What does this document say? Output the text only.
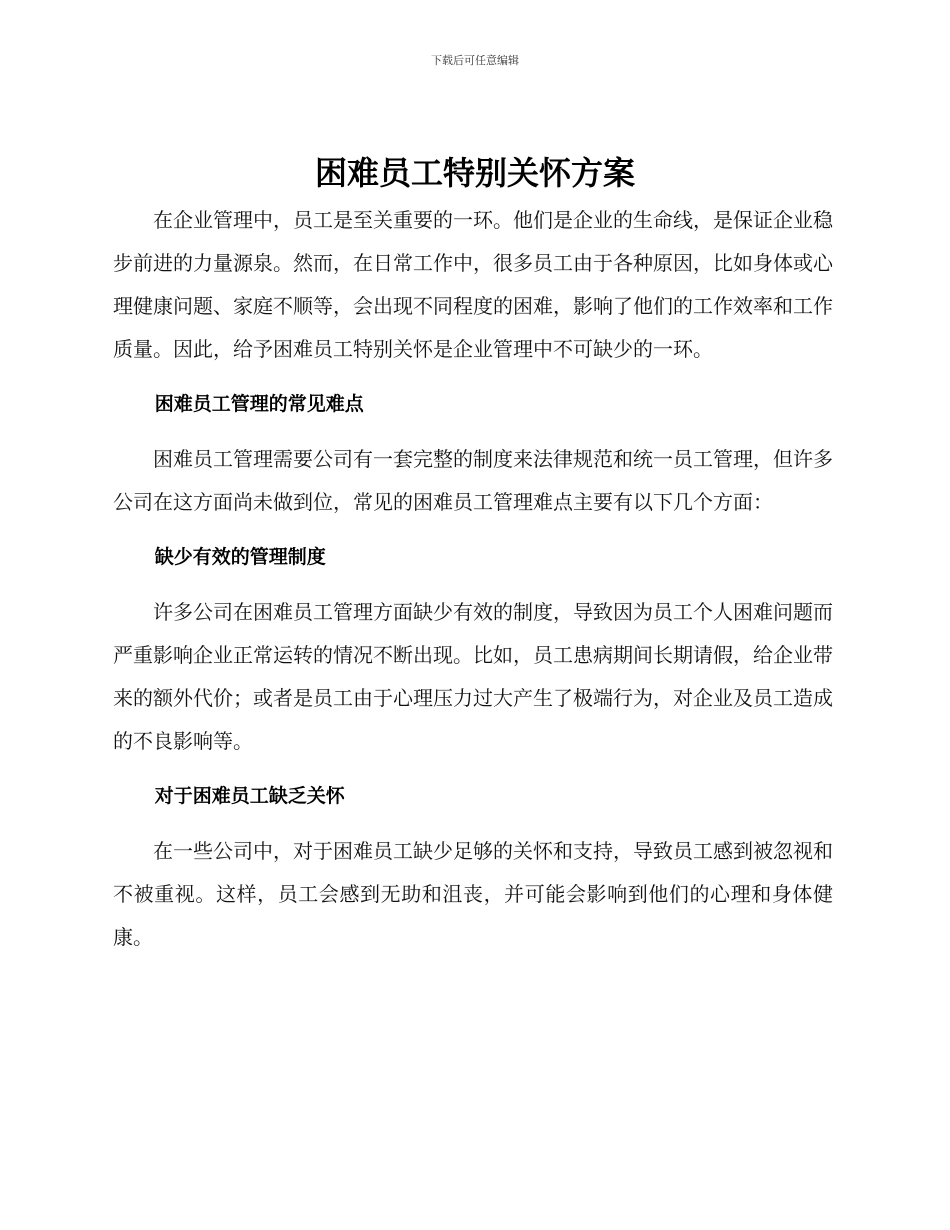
下载后可任意编辑
困难员工特别关怀方案

在企业管理中，员工是至关重要的一环。他们是企业的生命线，是保证企业稳步前进的力量源泉。然而，在日常工作中，很多员工由于各种原因，比如身体或心理健康问题、家庭不顺等，会出现不同程度的困难，影响了他们的工作效率和工作质量。因此，给予困难员工特别关怀是企业管理中不可缺少的一环。

困难员工管理的常见难点

困难员工管理需要公司有一套完整的制度来法律规范和统一员工管理，但许多公司在这方面尚未做到位，常见的困难员工管理难点主要有以下几个方面：

缺少有效的管理制度

许多公司在困难员工管理方面缺少有效的制度，导致因为员工个人困难问题而严重影响企业正常运转的情况不断出现。比如，员工患病期间长期请假，给企业带来的额外代价；或者是员工由于心理压力过大产生了极端行为，对企业及员工造成的不良影响等。

对于困难员工缺乏关怀

在一些公司中，对于困难员工缺少足够的关怀和支持，导致员工感到被忽视和不被重视。这样，员工会感到无助和沮丧，并可能会影响到他们的心理和身体健康。
